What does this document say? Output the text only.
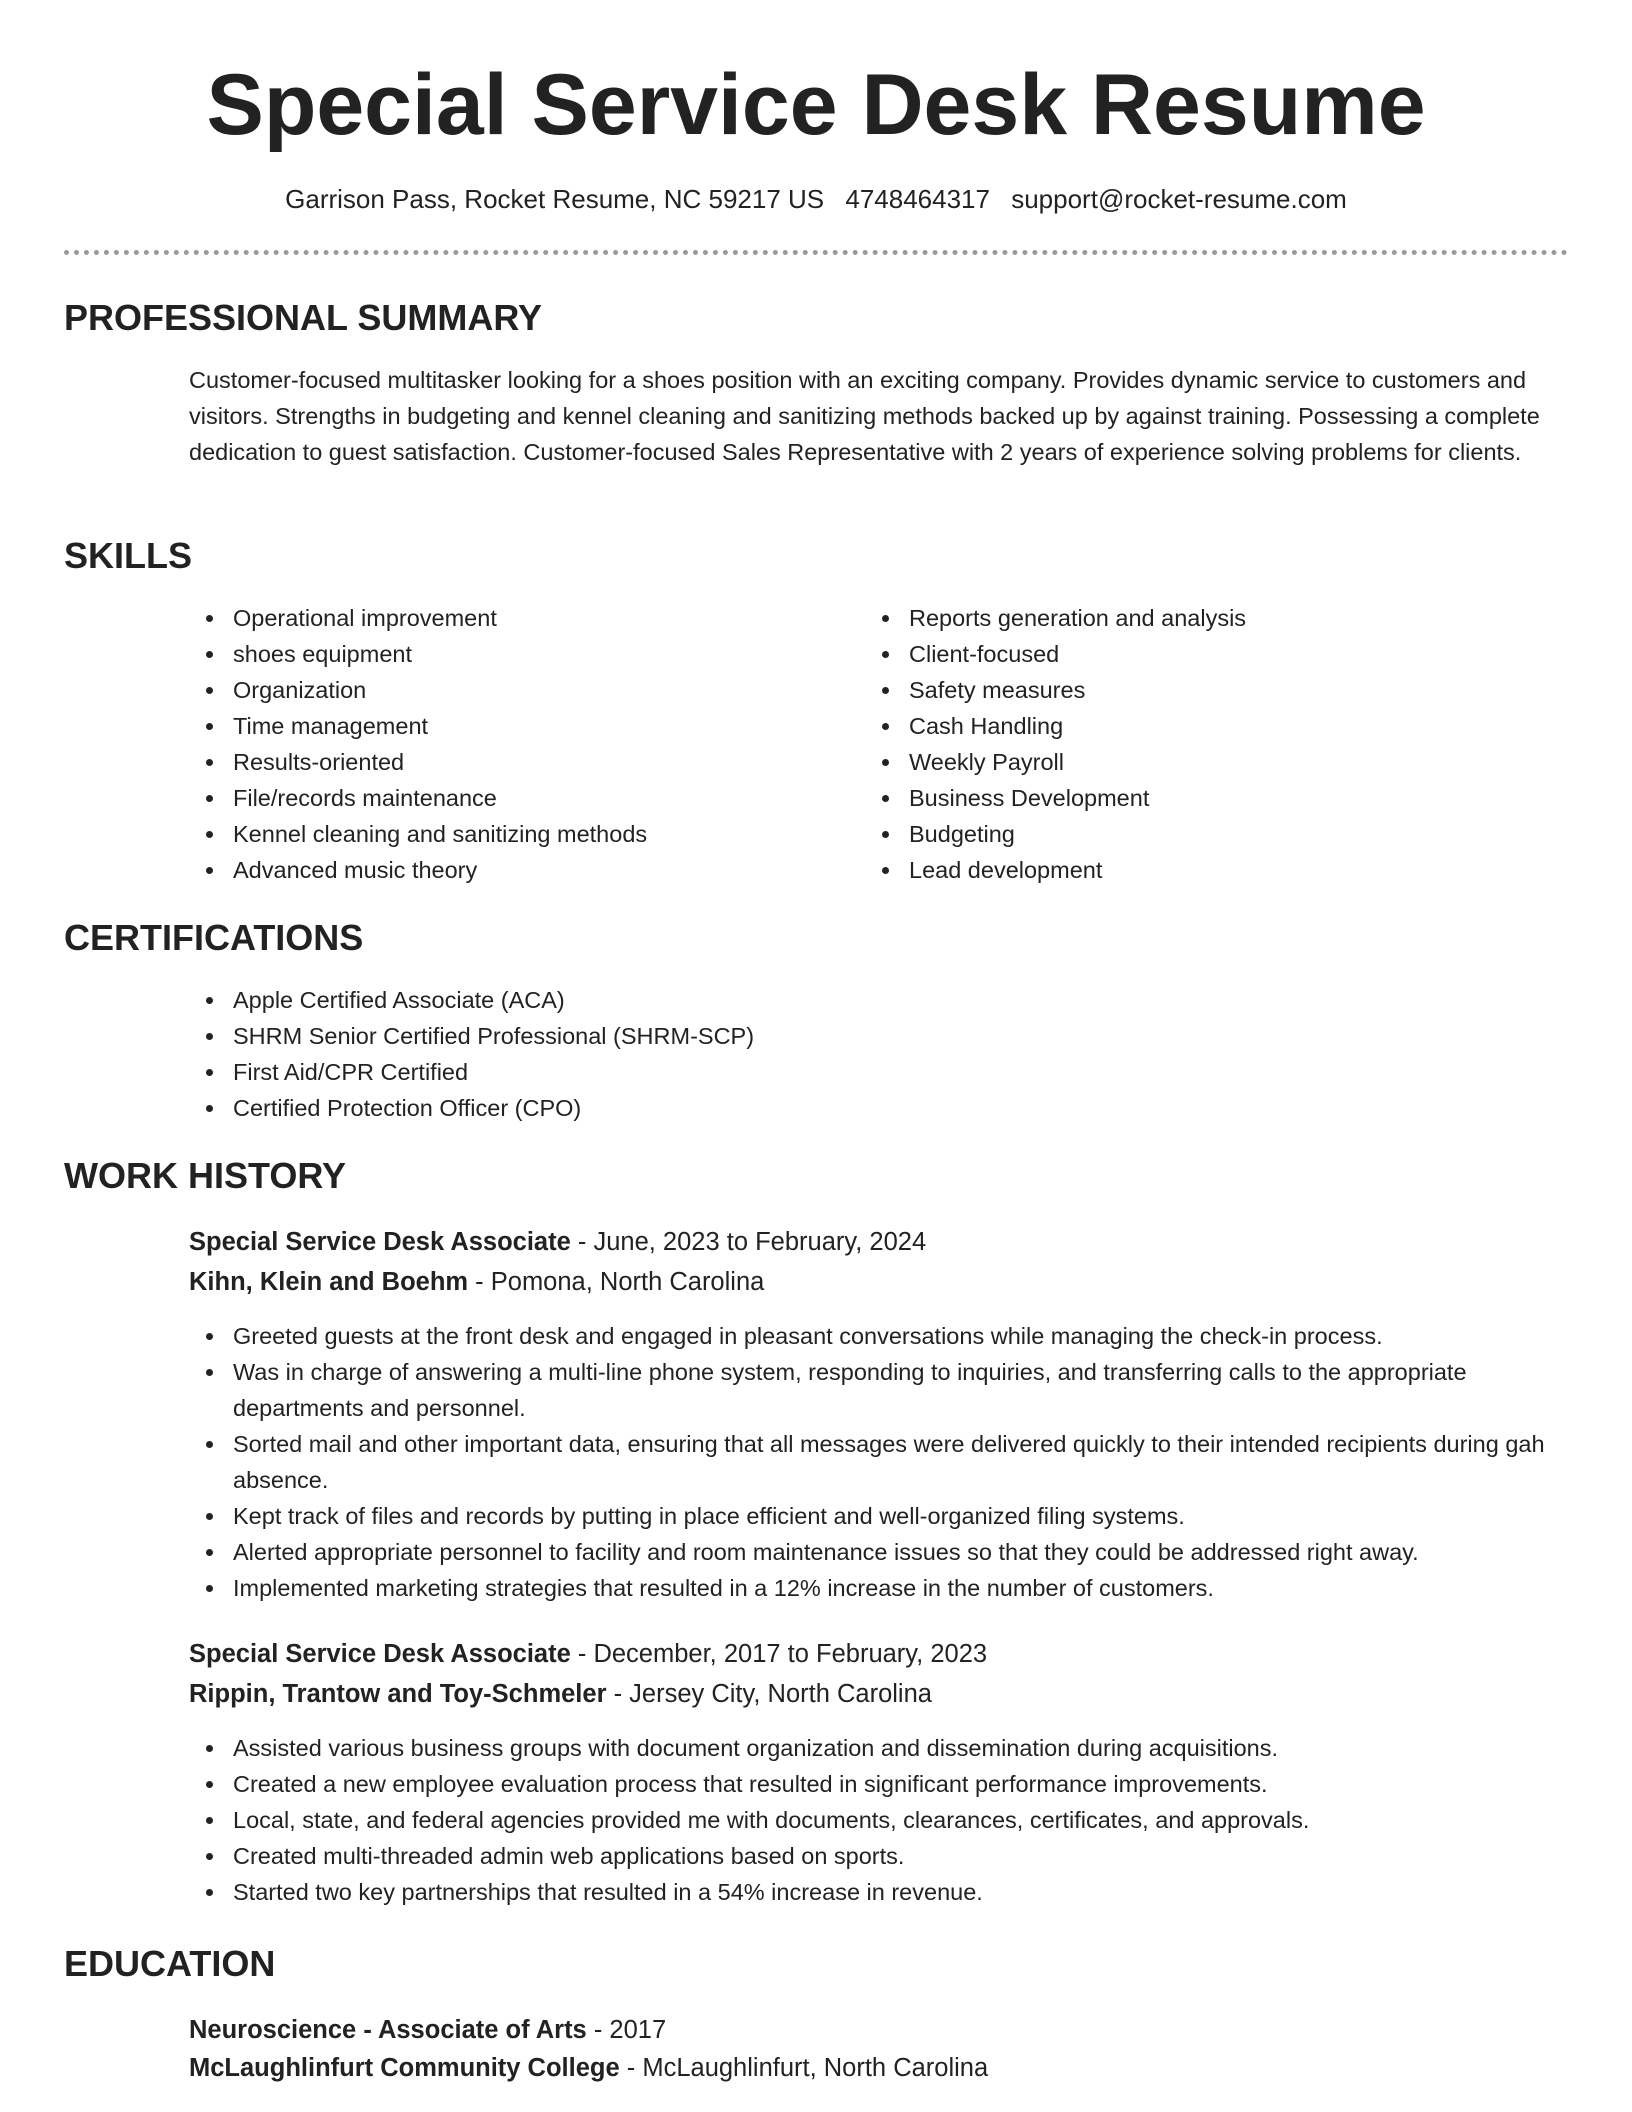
Special Service Desk Resume
Garrison Pass, Rocket Resume, NC 59217 US 4748464317 support@rocket-resume.com
PROFESSIONAL SUMMARY

Customer-focused multitasker looking for a shoes position with an exciting company. Provides dynamic service to customers and visitors. Strengths in budgeting and kennel cleaning and sanitizing methods backed up by against training. Possessing a complete dedication to guest satisfaction. Customer-focused Sales Representative with 2 years of experience solving problems for clients.

SKILLS
Operational improvement
shoes equipment
Organization
Time management
Results-oriented
File/records maintenance
Kennel cleaning and sanitizing methods
Advanced music theory
Reports generation and analysis
Client-focused
Safety measures
Cash Handling
Weekly Payroll
Business Development
Budgeting
Lead development
CERTIFICATIONS
Apple Certified Associate (ACA)
SHRM Senior Certified Professional (SHRM-SCP)
First Aid/CPR Certified
Certified Protection Officer (CPO)
WORK HISTORY
Special Service Desk Associate - June, 2023 to February, 2024
Kihn, Klein and Boehm - Pomona, North Carolina
Greeted guests at the front desk and engaged in pleasant conversations while managing the check-in process.
Was in charge of answering a multi-line phone system, responding to inquiries, and transferring calls to the appropriate departments and personnel.
Sorted mail and other important data, ensuring that all messages were delivered quickly to their intended recipients during gah absence.
Kept track of files and records by putting in place efficient and well-organized filing systems.
Alerted appropriate personnel to facility and room maintenance issues so that they could be addressed right away.
Implemented marketing strategies that resulted in a 12% increase in the number of customers.
Special Service Desk Associate - December, 2017 to February, 2023
Rippin, Trantow and Toy-Schmeler - Jersey City, North Carolina
Assisted various business groups with document organization and dissemination during acquisitions.
Created a new employee evaluation process that resulted in significant performance improvements.
Local, state, and federal agencies provided me with documents, clearances, certificates, and approvals.
Created multi-threaded admin web applications based on sports.
Started two key partnerships that resulted in a 54% increase in revenue.
EDUCATION
Neuroscience - Associate of Arts - 2017
McLaughlinfurt Community College - McLaughlinfurt, North Carolina
